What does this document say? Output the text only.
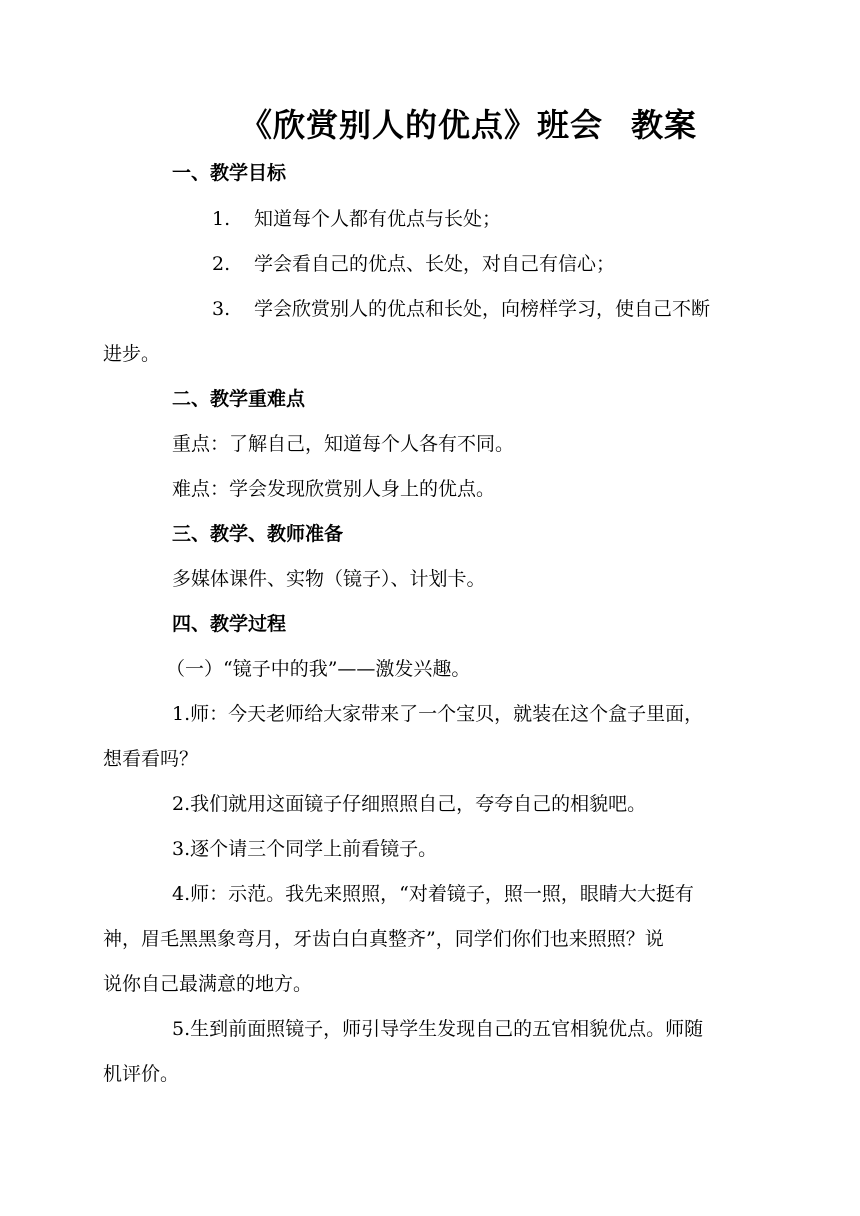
《欣赏别人的优点》班会 教案
一、教学目标
1. 知道每个人都有优点与长处；
2. 学会看自己的优点、长处，对自己有信心；
3. 学会欣赏别人的优点和长处，向榜样学习，使自己不断
进步。
二、教学重难点
重点：了解自己，知道每个人各有不同。
难点：学会发现欣赏别人身上的优点。
三、教学、教师准备
多媒体课件、实物（镜子）、计划卡。
四、教学过程
（一）“镜子中的我”——激发兴趣。
1.师：今天老师给大家带来了一个宝贝，就装在这个盒子里面，
想看看吗？
2.我们就用这面镜子仔细照照自己，夸夸自己的相貌吧。
3.逐个请三个同学上前看镜子。
4.师：示范。我先来照照，“对着镜子，照一照，眼睛大大挺有
神，眉毛黑黑象弯月，牙齿白白真整齐”，同学们你们也来照照？说
说你自己最满意的地方。
5.生到前面照镜子，师引导学生发现自己的五官相貌优点。师随
机评价。
